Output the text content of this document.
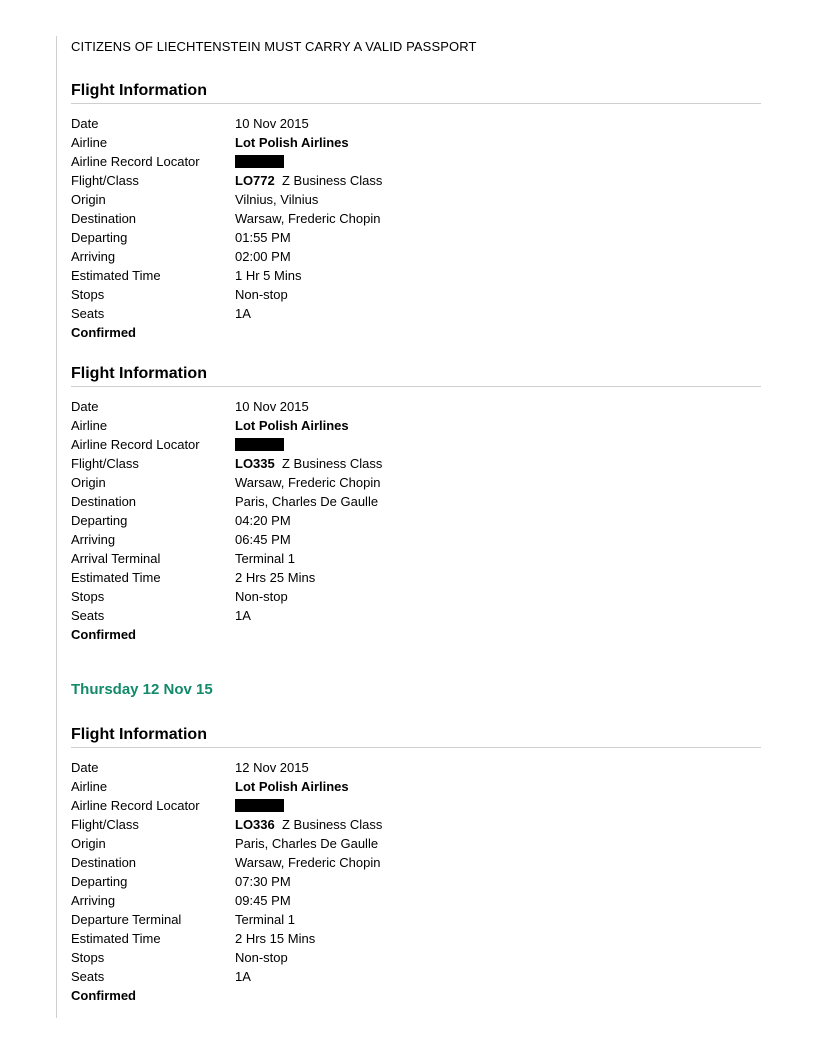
CITIZENS OF LIECHTENSTEIN MUST CARRY A VALID PASSPORT
Flight Information
Date	10 Nov 2015
Airline	Lot Polish Airlines
Airline Record Locator
Flight/Class	LO772 Z Business Class
Origin	Vilnius, Vilnius
Destination	Warsaw, Frederic Chopin
Departing	01:55 PM
Arriving	02:00 PM
Estimated Time	1 Hr 5 Mins
Stops	Non-stop
Seats	1A
Confirmed
Flight Information
Date	10 Nov 2015
Airline	Lot Polish Airlines
Airline Record Locator
Flight/Class	LO335 Z Business Class
Origin	Warsaw, Frederic Chopin
Destination	Paris, Charles De Gaulle
Departing	04:20 PM
Arriving	06:45 PM
Arrival Terminal	Terminal 1
Estimated Time	2 Hrs 25 Mins
Stops	Non-stop
Seats	1A
Confirmed
Thursday 12 Nov 15
Flight Information
Date	12 Nov 2015
Airline	Lot Polish Airlines
Airline Record Locator
Flight/Class	LO336 Z Business Class
Origin	Paris, Charles De Gaulle
Destination	Warsaw, Frederic Chopin
Departing	07:30 PM
Arriving	09:45 PM
Departure Terminal	Terminal 1
Estimated Time	2 Hrs 15 Mins
Stops	Non-stop
Seats	1A
Confirmed
